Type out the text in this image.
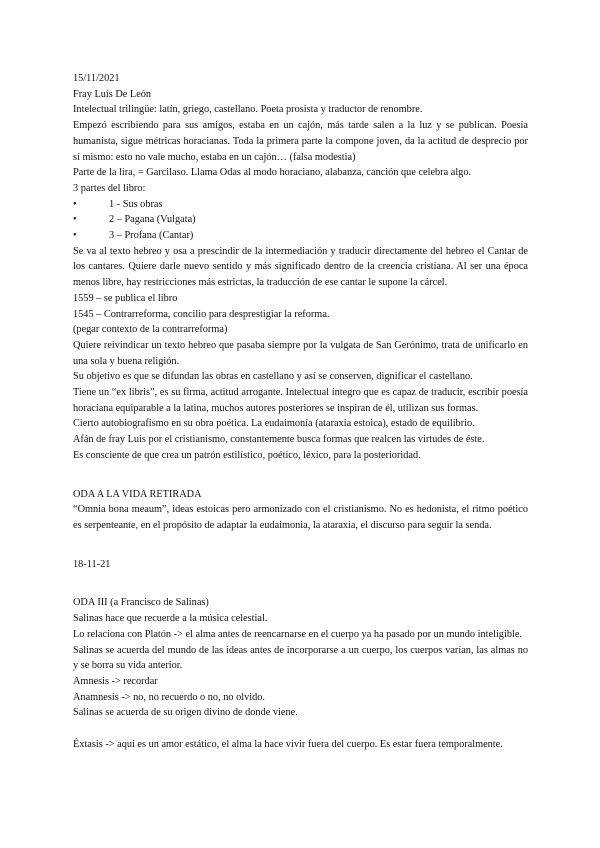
15/11/2021

Fray Luís De León

Intelectual trilingüe: latín, griego, castellano. Poeta prosista y traductor de renombre.

Empezó escribiendo para sus amigos, estaba en un cajón, más tarde salen a la luz y se publican. Poesía humanista, sigue métricas horacianas. Toda la primera parte la compone joven, da la actitud de desprecio por sí mismo: esto no vale mucho, estaba en un cajón… (falsa modestia)

Parte de la lira, = Garcilaso. Llama Odas al modo horaciano, alabanza, canción que celebra algo.

3 partes del libro:

•	1 - Sus obras
•	2 – Pagana (Vulgata)
•	3 – Profana (Cantar)

Se va al texto hebreo y osa a prescindir de la intermediación y traducir directamente del hebreo el Cantar de los cantares. Quiere darle nuevo sentido y más significado dentro de la creencia cristiana. Al ser una época menos libre, hay restricciones más estrictas, la traducción de ese cantar le supone la cárcel.

1559 – se publica el libro

1545 – Contrarreforma, concilio para desprestigiar la reforma.

(pegar contexto de la contrarreforma)

Quiere reivindicar un texto hebreo que pasaba siempre por la vulgata de San Gerónimo, trata de unificarlo en una sola y buena religión.

Su objetivo es que se difundan las obras en castellano y así se conserven, dignificar el castellano.

Tiene un “ex libris”, es su firma, actitud arrogante. Intelectual íntegro que es capaz de traducir, escribir poesía horaciana equiparable a la latina, muchos autores posteriores se inspiran de él, utilizan sus formas.

Cierto autobiografismo en su obra poética. La eudaimonía (ataraxia estoica), estado de equilibrio.

Afán de fray Luis por el cristianismo, constantemente busca formas que realcen las virtudes de éste.

Es consciente de que crea un patrón estilístico, poético, léxico, para la posterioridad.

ODA A LA VIDA RETIRADA

“Omnia bona meaum”, ideas estoicas pero armonizado con el cristianismo. No es hedonista, el ritmo poético es serpenteante, en el propósito de adaptar la eudaimonia, la ataraxia, el discurso para seguir la senda.

18-11-21

ODA III (a Francisco de Salinas)

Salinas hace que recuerde a la música celestial.

Lo relaciona con Platón -> el alma antes de reencarnarse en el cuerpo ya ha pasado por un mundo inteligible.

Salinas se acuerda del mundo de las ideas antes de incorporarse a un cuerpo, los cuerpos varían, las almas no y se borra su vida anterior.

Amnesis -> recordar

Anamnesis -> no, no recuerdo o no, no olvido.

Salinas se acuerda de su origen divino de donde viene.

Éxtasis -> aquí es un amor estático, el alma la hace vivir fuera del cuerpo. Es estar fuera temporalmente.
